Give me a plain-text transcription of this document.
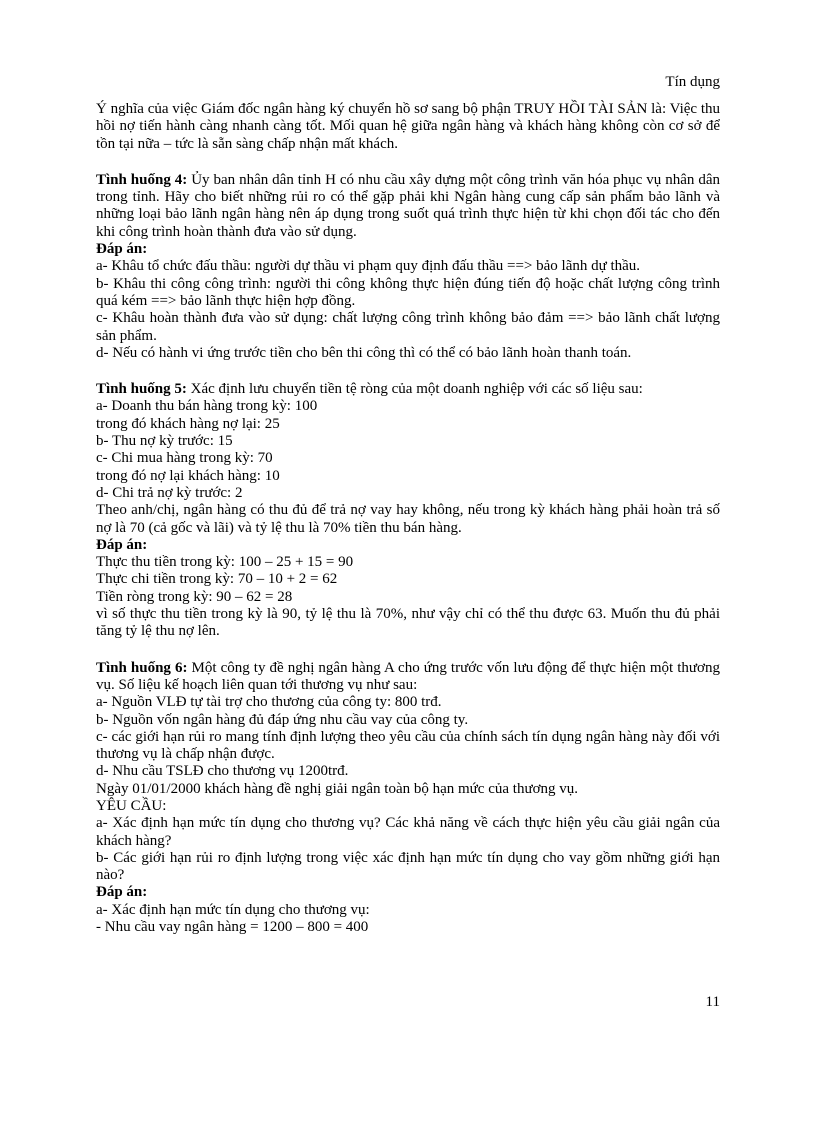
Tín dụng

Ý nghĩa của việc Giám đốc ngân hàng ký chuyển hồ sơ sang bộ phận TRUY HỒI TÀI SẢN là: Việc thu hồi nợ tiến hành càng nhanh càng tốt. Mối quan hệ giữa ngân hàng và khách hàng không còn cơ sở để tồn tại nữa – tức là sẵn sàng chấp nhận mất khách.

Tình huống 4: Ủy ban nhân dân tỉnh H có nhu cầu xây dựng một công trình văn hóa phục vụ nhân dân trong tỉnh. Hãy cho biết những rủi ro có thể gặp phải khi Ngân hàng cung cấp sản phẩm bảo lãnh và những loại bảo lãnh ngân hàng nên áp dụng trong suốt quá trình thực hiện từ khi chọn đối tác cho đến khi công trình hoàn thành đưa vào sử dụng.

Đáp án:

a- Khâu tổ chức đấu thầu: người dự thầu vi phạm quy định đấu thầu ==> bảo lãnh dự thầu.

b- Khâu thi công công trình: người thi công không thực hiện đúng tiến độ hoặc chất lượng công trình quá kém ==> bảo lãnh thực hiện hợp đồng.

c- Khâu hoàn thành đưa vào sử dụng: chất lượng công trình không bảo đảm ==> bảo lãnh chất lượng sản phẩm.

d- Nếu có hành vi ứng trước tiền cho bên thi công thì có thể có bảo lãnh hoàn thanh toán.

Tình huống 5: Xác định lưu chuyển tiền tệ ròng của một doanh nghiệp với các số liệu sau:

a- Doanh thu bán hàng trong kỳ: 100

trong đó khách hàng nợ lại: 25

b- Thu nợ kỳ trước: 15

c- Chi mua hàng trong kỳ: 70

trong đó nợ lại khách hàng: 10

d- Chi trả nợ kỳ trước: 2

Theo anh/chị, ngân hàng có thu đủ để trả nợ vay hay không, nếu trong kỳ khách hàng phải hoàn trả số nợ là 70 (cả gốc và lãi) và tỷ lệ thu là 70% tiền thu bán hàng.

Đáp án:

Thực thu tiền trong kỳ: 100 – 25 + 15 = 90

Thực chi tiền trong kỳ: 70 – 10 + 2 = 62

Tiền ròng trong kỳ: 90 – 62 = 28

vì số thực thu tiền trong kỳ là 90, tỷ lệ thu là 70%, như vậy chỉ có thể thu được 63. Muốn thu đủ phải tăng tỷ lệ thu nợ lên.

Tình huống 6: Một công ty đề nghị ngân hàng A cho ứng trước vốn lưu động để thực hiện một thương vụ. Số liệu kế hoạch liên quan tới thương vụ như sau:

a- Nguồn VLĐ tự tài trợ cho thương của công ty: 800 trđ.

b- Nguồn vốn ngân hàng đủ đáp ứng nhu cầu vay của công ty.

c- các giới hạn rủi ro mang tính định lượng theo yêu cầu của chính sách tín dụng ngân hàng này đối với thương vụ là chấp nhận được.

d- Nhu cầu TSLĐ cho thương vụ 1200trđ.

Ngày 01/01/2000 khách hàng đề nghị giải ngân toàn bộ hạn mức của thương vụ.

YÊU CẦU:

a- Xác định hạn mức tín dụng cho thương vụ? Các khả năng về cách thực hiện yêu cầu giải ngân của khách hàng?

b- Các giới hạn rủi ro định lượng trong việc xác định hạn mức tín dụng cho vay gồm những giới hạn nào?

Đáp án:

a- Xác định hạn mức tín dụng cho thương vụ:

- Nhu cầu vay ngân hàng = 1200 – 800 = 400

11
